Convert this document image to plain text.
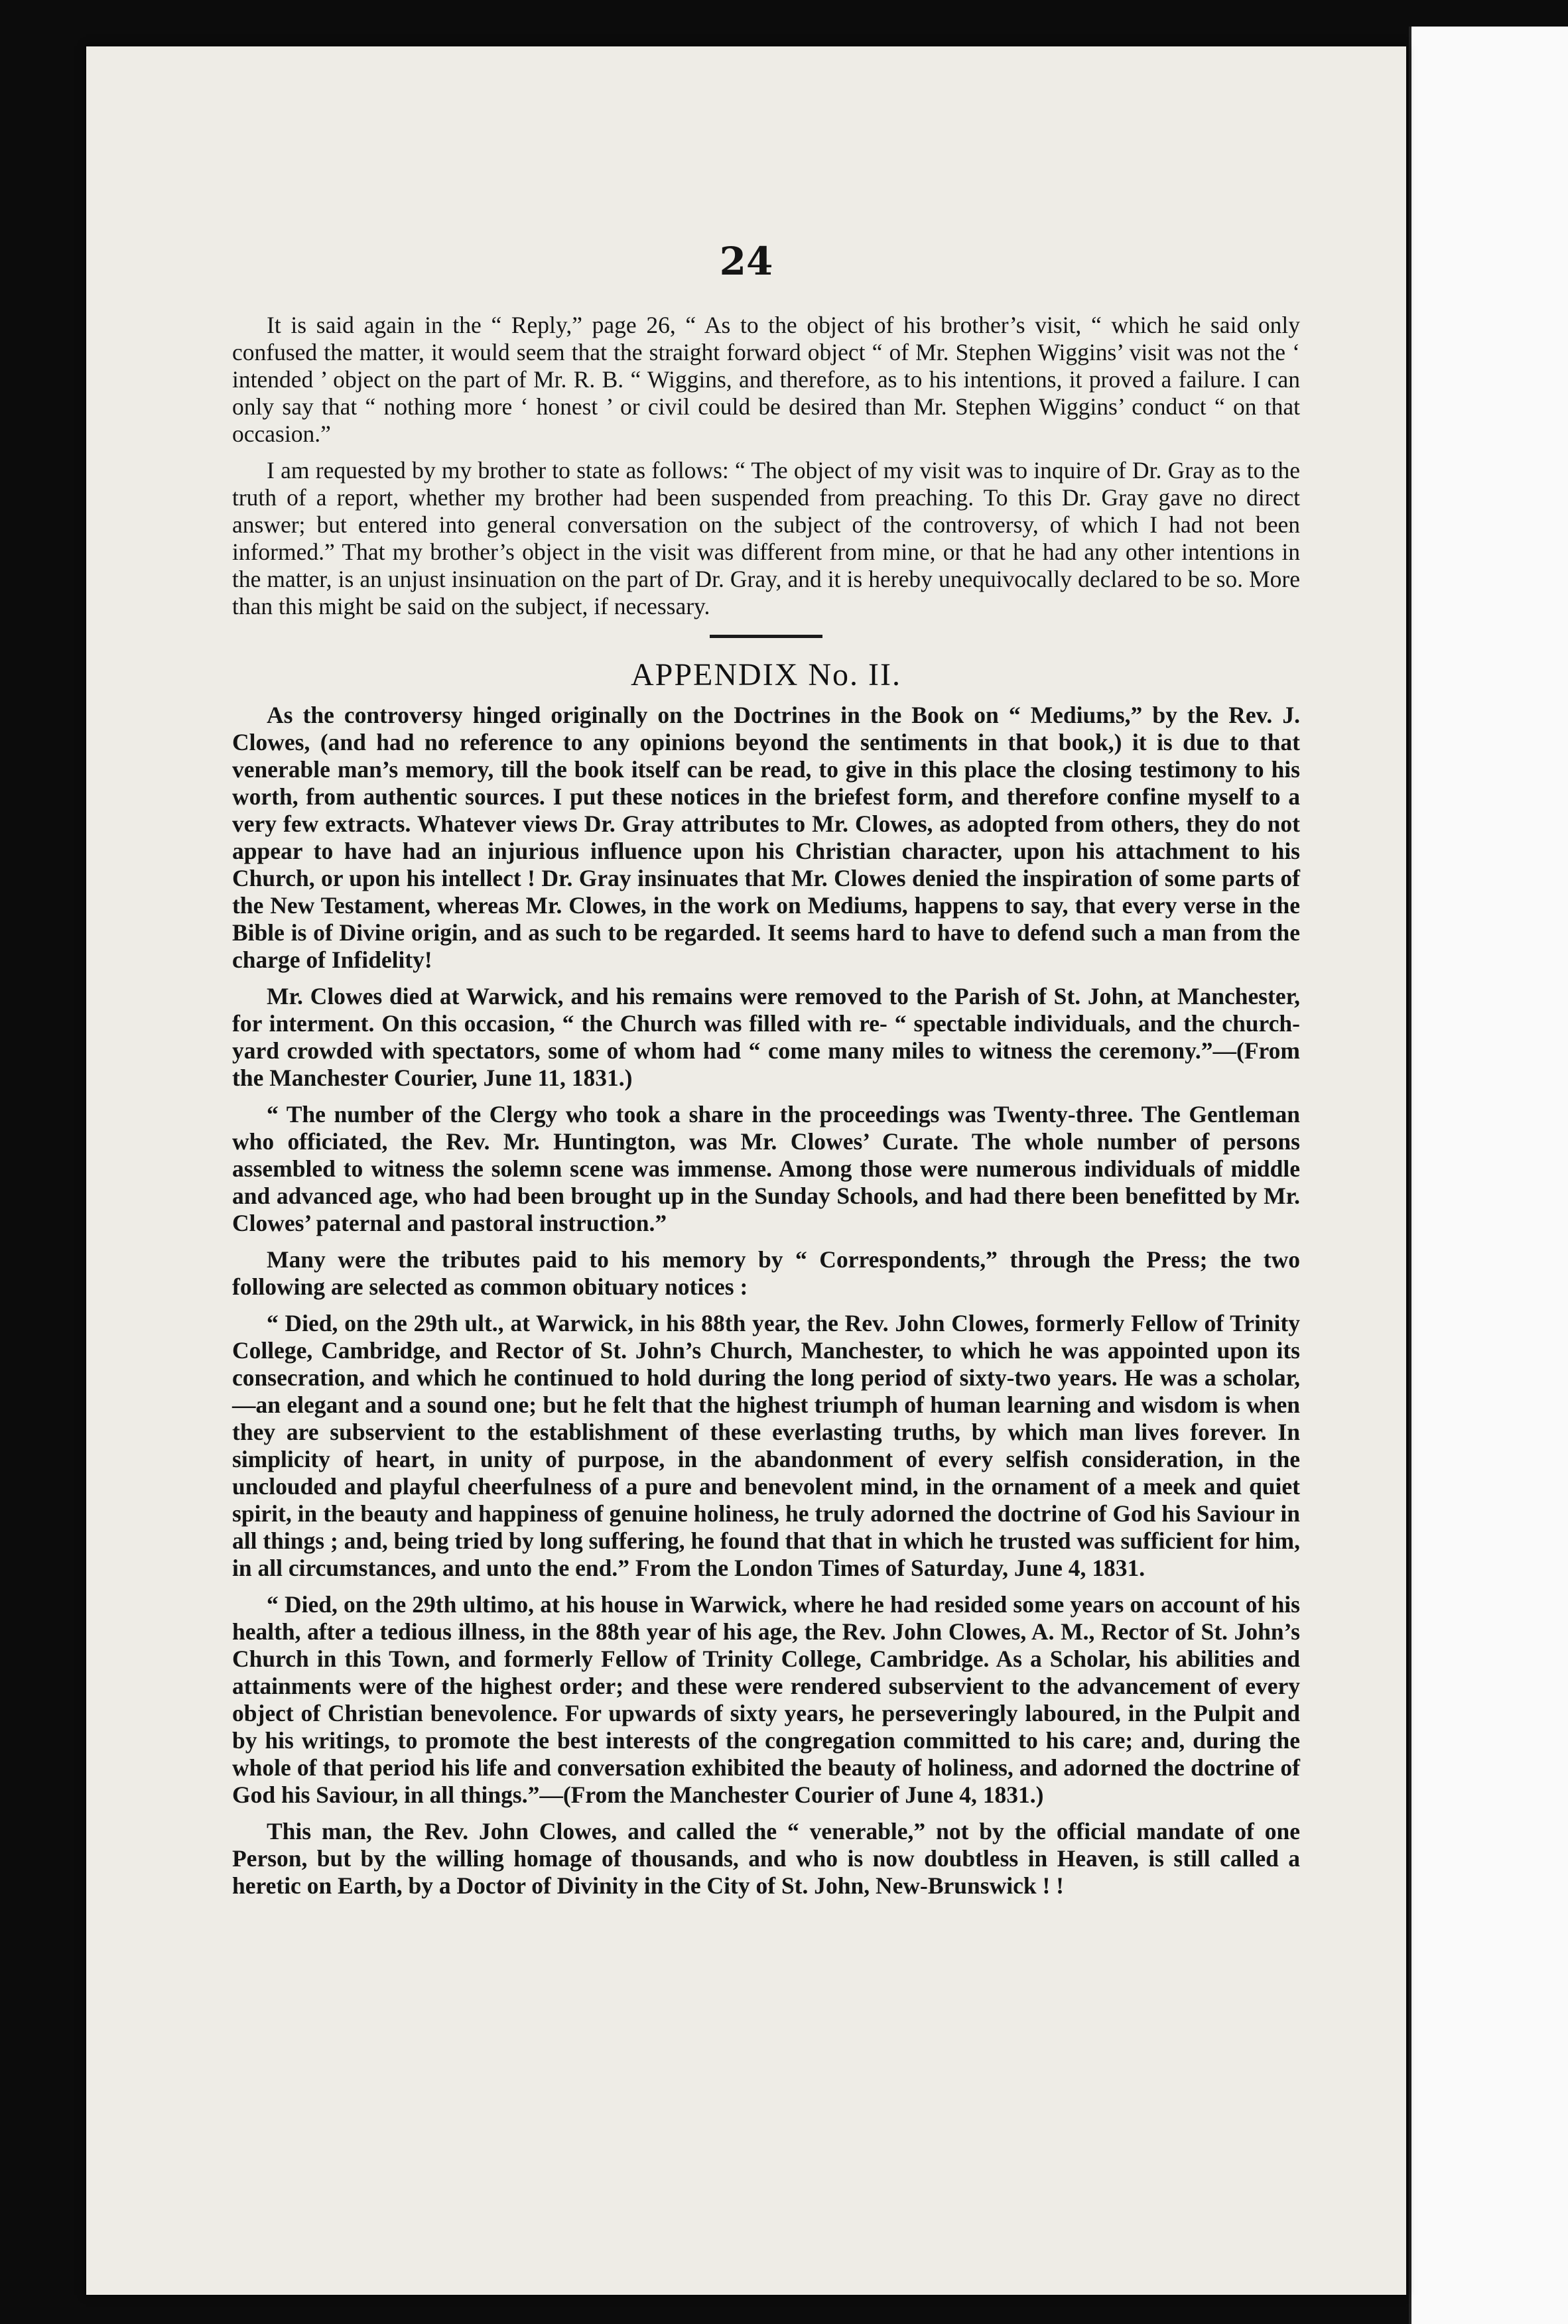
24

It is said again in the “ Reply,” page 26, “ As to the object of his brother’s visit, “ which he said only confused the matter, it would seem that the straight forward object “ of Mr. Stephen Wiggins’ visit was not the ‘ intended ’ object on the part of Mr. R. B. “ Wiggins, and therefore, as to his intentions, it proved a failure. I can only say that “ nothing more ‘ honest ’ or civil could be desired than Mr. Stephen Wiggins’ conduct “ on that occasion.”

I am requested by my brother to state as follows: “ The object of my visit was to inquire of Dr. Gray as to the truth of a report, whether my brother had been suspended from preaching. To this Dr. Gray gave no direct answer; but entered into general conversation on the subject of the controversy, of which I had not been informed.” That my brother’s object in the visit was different from mine, or that he had any other intentions in the matter, is an unjust insinuation on the part of Dr. Gray, and it is hereby unequivocally declared to be so. More than this might be said on the subject, if necessary.

APPENDIX No. II.

As the controversy hinged originally on the Doctrines in the Book on “ Mediums,” by the Rev. J. Clowes, (and had no reference to any opinions beyond the sentiments in that book,) it is due to that venerable man’s memory, till the book itself can be read, to give in this place the closing testimony to his worth, from authentic sources. I put these notices in the briefest form, and therefore confine myself to a very few extracts. Whatever views Dr. Gray attributes to Mr. Clowes, as adopted from others, they do not appear to have had an injurious influence upon his Christian character, upon his attachment to his Church, or upon his intellect ! Dr. Gray insinuates that Mr. Clowes denied the inspiration of some parts of the New Testament, whereas Mr. Clowes, in the work on Mediums, happens to say, that every verse in the Bible is of Divine origin, and as such to be regarded. It seems hard to have to defend such a man from the charge of Infidelity!

Mr. Clowes died at Warwick, and his remains were removed to the Parish of St. John, at Manchester, for interment. On this occasion, “ the Church was filled with re- “ spectable individuals, and the church-yard crowded with spectators, some of whom had “ come many miles to witness the ceremony.”—(From the Manchester Courier, June 11, 1831.)

“ The number of the Clergy who took a share in the proceedings was Twenty-three. The Gentleman who officiated, the Rev. Mr. Huntington, was Mr. Clowes’ Curate. The whole number of persons assembled to witness the solemn scene was immense. Among those were numerous individuals of middle and advanced age, who had been brought up in the Sunday Schools, and had there been benefitted by Mr. Clowes’ paternal and pastoral instruction.”

Many were the tributes paid to his memory by “ Correspondents,” through the Press; the two following are selected as common obituary notices :

“ Died, on the 29th ult., at Warwick, in his 88th year, the Rev. John Clowes, formerly Fellow of Trinity College, Cambridge, and Rector of St. John’s Church, Manchester, to which he was appointed upon its consecration, and which he continued to hold during the long period of sixty-two years. He was a scholar,—an elegant and a sound one; but he felt that the highest triumph of human learning and wisdom is when they are subservient to the establishment of these everlasting truths, by which man lives forever. In simplicity of heart, in unity of purpose, in the abandonment of every selfish consideration, in the unclouded and playful cheerfulness of a pure and benevolent mind, in the ornament of a meek and quiet spirit, in the beauty and happiness of genuine holiness, he truly adorned the doctrine of God his Saviour in all things ; and, being tried by long suffering, he found that that in which he trusted was sufficient for him, in all circumstances, and unto the end.” From the London Times of Saturday, June 4, 1831.

“ Died, on the 29th ultimo, at his house in Warwick, where he had resided some years on account of his health, after a tedious illness, in the 88th year of his age, the Rev. John Clowes, A. M., Rector of St. John’s Church in this Town, and formerly Fellow of Trinity College, Cambridge. As a Scholar, his abilities and attainments were of the highest order; and these were rendered subservient to the advancement of every object of Christian benevolence. For upwards of sixty years, he perseveringly laboured, in the Pulpit and by his writings, to promote the best interests of the congregation committed to his care; and, during the whole of that period his life and conversation exhibited the beauty of holiness, and adorned the doctrine of God his Saviour, in all things.”—(From the Manchester Courier of June 4, 1831.)

This man, the Rev. John Clowes, and called the “ venerable,” not by the official mandate of one Person, but by the willing homage of thousands, and who is now doubtless in Heaven, is still called a heretic on Earth, by a Doctor of Divinity in the City of St. John, New-Brunswick ! !
